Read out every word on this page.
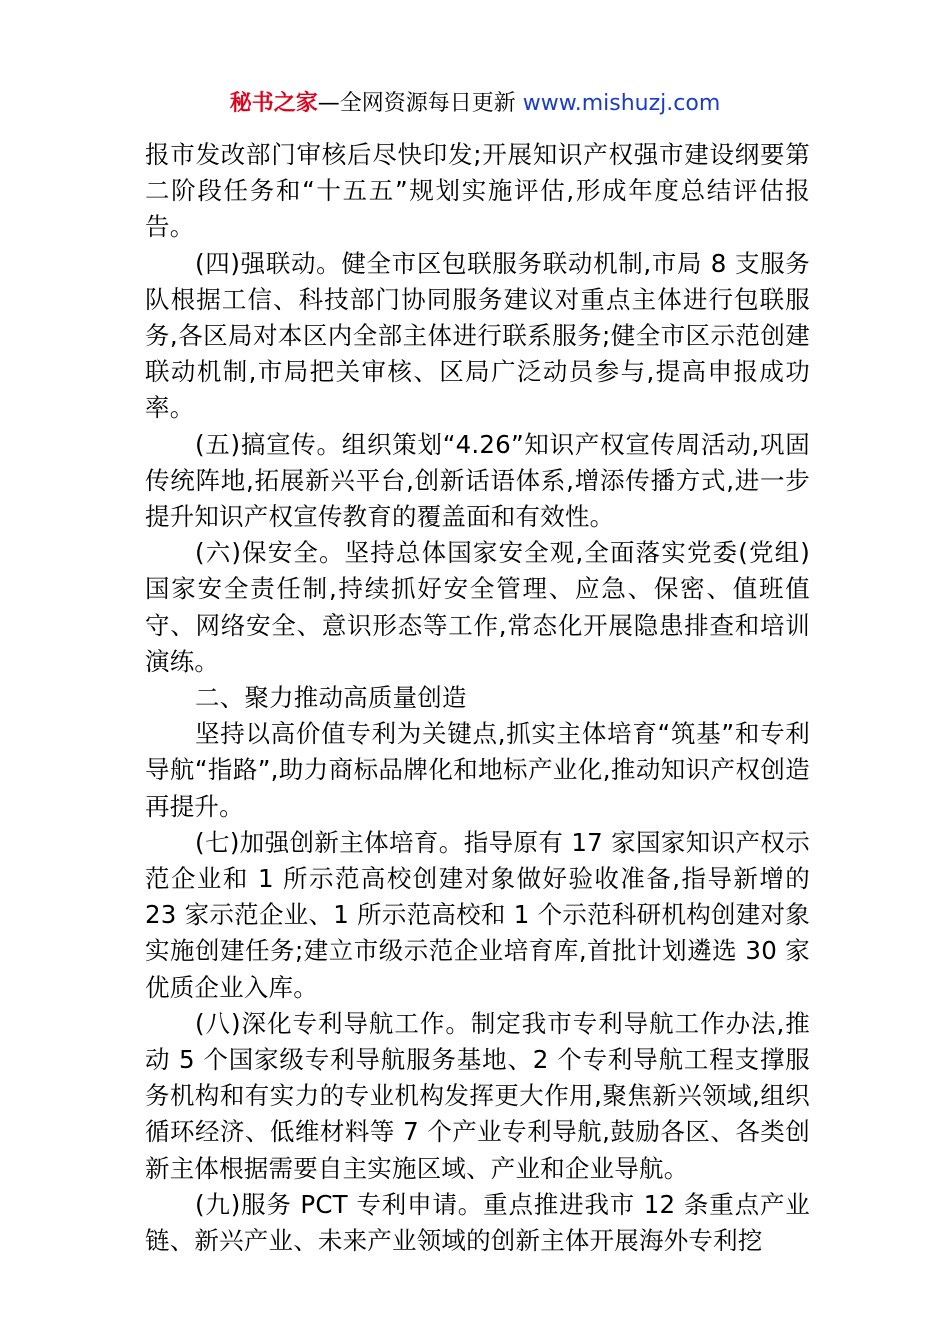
秘书之家—全网资源每日更新 www.mishuzj.com

报市发改部门审核后尽快印发;开展知识产权强市建设纲要第二阶段任务和“十五五”规划实施评估,形成年度总结评估报告。

(四)强联动。健全市区包联服务联动机制,市局 8 支服务队根据工信、科技部门协同服务建议对重点主体进行包联服务,各区局对本区内全部主体进行联系服务;健全市区示范创建联动机制,市局把关审核、区局广泛动员参与,提高申报成功率。

(五)搞宣传。组织策划“4.26”知识产权宣传周活动,巩固传统阵地,拓展新兴平台,创新话语体系,增添传播方式,进一步提升知识产权宣传教育的覆盖面和有效性。

(六)保安全。坚持总体国家安全观,全面落实党委(党组)国家安全责任制,持续抓好安全管理、应急、保密、值班值守、网络安全、意识形态等工作,常态化开展隐患排查和培训演练。

二、聚力推动高质量创造

坚持以高价值专利为关键点,抓实主体培育“筑基”和专利导航“指路”,助力商标品牌化和地标产业化,推动知识产权创造再提升。

(七)加强创新主体培育。指导原有 17 家国家知识产权示范企业和 1 所示范高校创建对象做好验收准备,指导新增的 23 家示范企业、1 所示范高校和 1 个示范科研机构创建对象实施创建任务;建立市级示范企业培育库,首批计划遴选 30 家优质企业入库。

(八)深化专利导航工作。制定我市专利导航工作办法,推动 5 个国家级专利导航服务基地、2 个专利导航工程支撑服务机构和有实力的专业机构发挥更大作用,聚焦新兴领域,组织循环经济、低维材料等 7 个产业专利导航,鼓励各区、各类创新主体根据需要自主实施区域、产业和企业导航。

(九)服务 PCT 专利申请。重点推进我市 12 条重点产业链、新兴产业、未来产业领域的创新主体开展海外专利挖
